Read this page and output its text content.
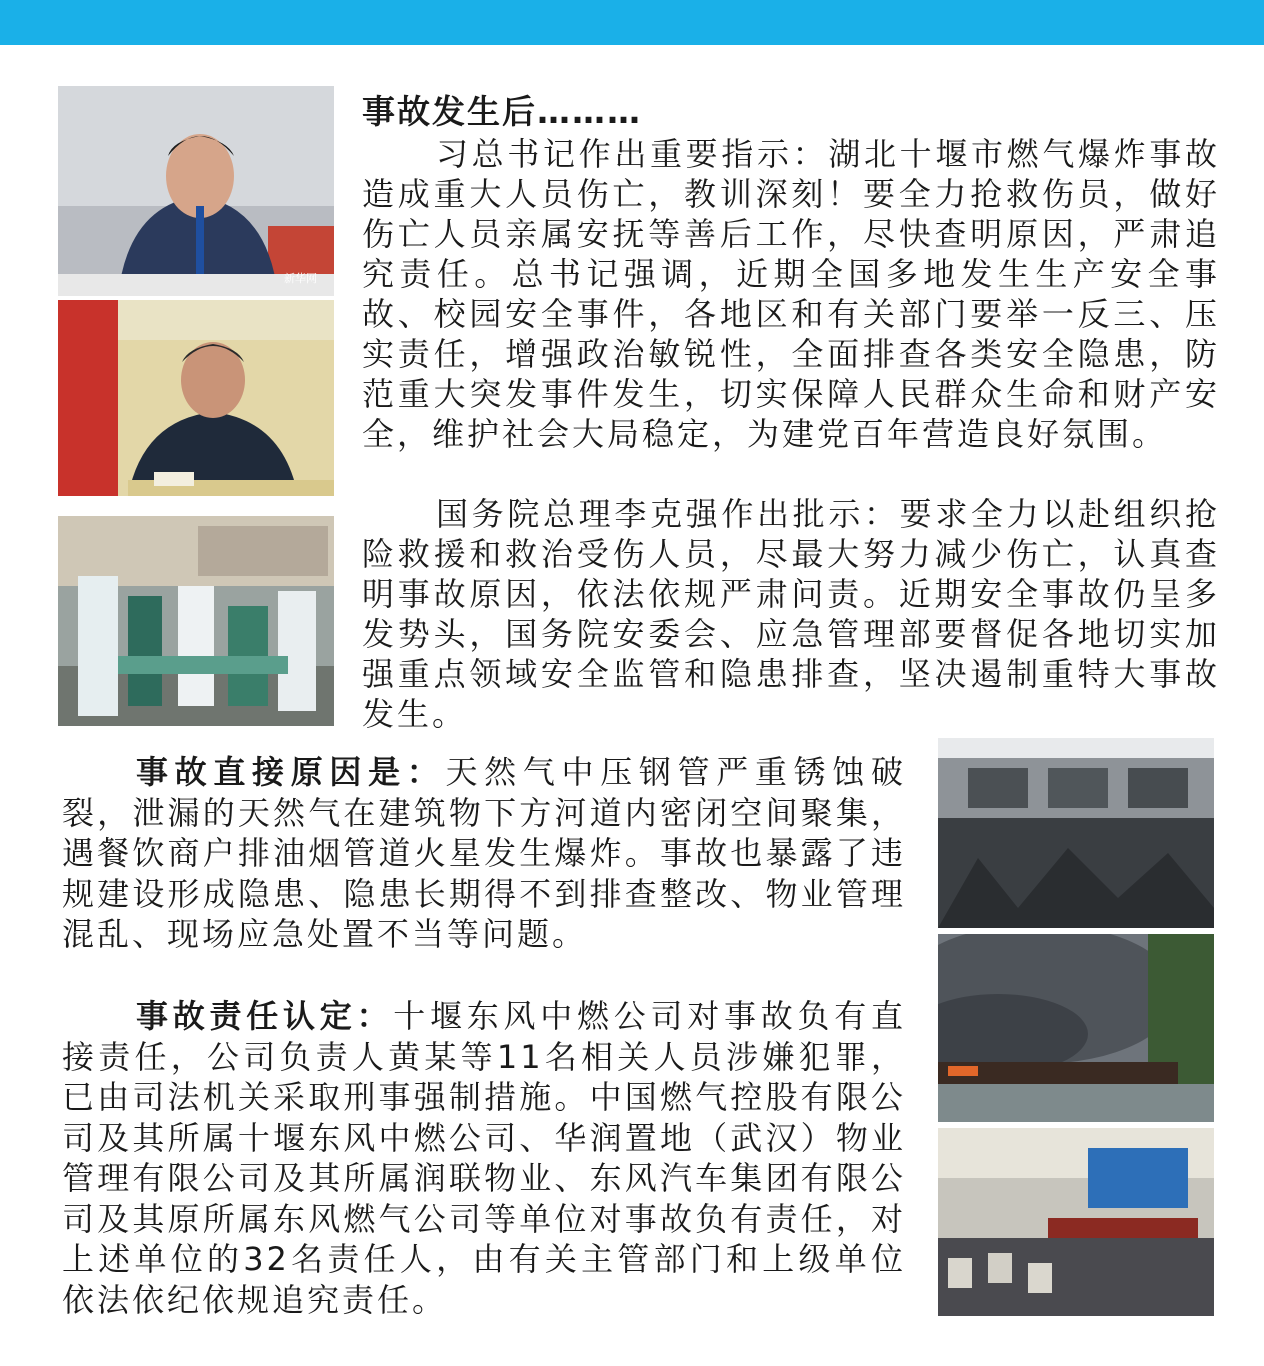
新华网
事故发生后………

习总书记作出重要指示：湖北十堰市燃气爆炸事故造成重大人员伤亡，教训深刻！要全力抢救伤员，做好伤亡人员亲属安抚等善后工作，尽快查明原因，严肃追究责任。总书记强调，近期全国多地发生生产安全事故、校园安全事件，各地区和有关部门要举一反三、压实责任，增强政治敏锐性，全面排查各类安全隐患，防范重大突发事件发生，切实保障人民群众生命和财产安全，维护社会大局稳定，为建党百年营造良好氛围。

国务院总理李克强作出批示：要求全力以赴组织抢险救援和救治受伤人员，尽最大努力减少伤亡，认真查明事故原因，依法依规严肃问责。近期安全事故仍呈多发势头，国务院安委会、应急管理部要督促各地切实加强重点领域安全监管和隐患排查，坚决遏制重特大事故发生。

事故直接原因是：天然气中压钢管严重锈蚀破裂，泄漏的天然气在建筑物下方河道内密闭空间聚集，遇餐饮商户排油烟管道火星发生爆炸。事故也暴露了违规建设形成隐患、隐患长期得不到排查整改、物业管理混乱、现场应急处置不当等问题。

事故责任认定：十堰东风中燃公司对事故负有直接责任，公司负责人黄某等11名相关人员涉嫌犯罪，已由司法机关采取刑事强制措施。中国燃气控股有限公司及其所属十堰东风中燃公司、华润置地（武汉）物业管理有限公司及其所属润联物业、东风汽车集团有限公司及其原所属东风燃气公司等单位对事故负有责任，对上述单位的32名责任人，由有关主管部门和上级单位依法依纪依规追究责任。
